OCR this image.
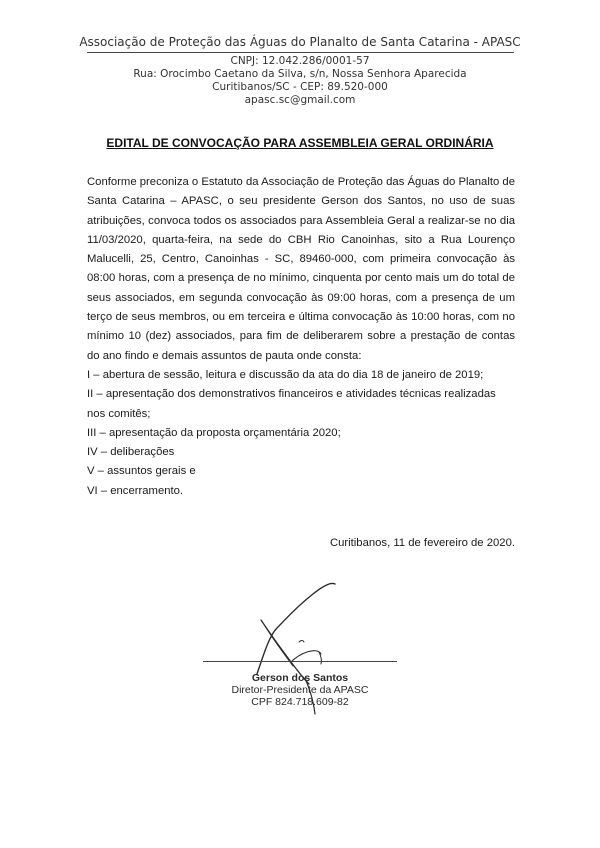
Associação de Proteção das Águas do Planalto de Santa Catarina - APASC
CNPJ: 12.042.286/0001-57
Rua: Orocimbo Caetano da Silva, s/n, Nossa Senhora Aparecida
Curitibanos/SC - CEP: 89.520-000
apasc.sc@gmail.com
EDITAL DE CONVOCAÇÃO PARA ASSEMBLEIA GERAL ORDINÁRIA

Conforme preconiza o Estatuto da Associação de Proteção das Águas do Planalto de Santa Catarina – APASC, o seu presidente Gerson dos Santos, no uso de suas atribuições, convoca todos os associados para Assembleia Geral a realizar-se no dia 11/03/2020, quarta-feira, na sede do CBH Rio Canoinhas, sito a Rua Lourenço Malucelli, 25, Centro, Canoinhas - SC, 89460-000, com primeira convocação às 08:00 horas, com a presença de no mínimo, cinquenta por cento mais um do total de seus associados, em segunda convocação às 09:00 horas, com a presença de um terço de seus membros, ou em terceira e última convocação às 10:00 horas, com no mínimo 10 (dez) associados, para fim de deliberarem sobre a prestação de contas do ano findo e demais assuntos de pauta onde consta:

I – abertura de sessão, leitura e discussão da ata do dia 18 de janeiro de 2019;
II – apresentação dos demonstrativos financeiros e atividades técnicas realizadas nos comitês;
III – apresentação da proposta orçamentária 2020;
IV – deliberações
V – assuntos gerais e
VI – encerramento.
Curitibanos, 11 de fevereiro de 2020.
Gerson dos Santos
Diretor-Presidente da APASC
CPF 824.718.609-82
